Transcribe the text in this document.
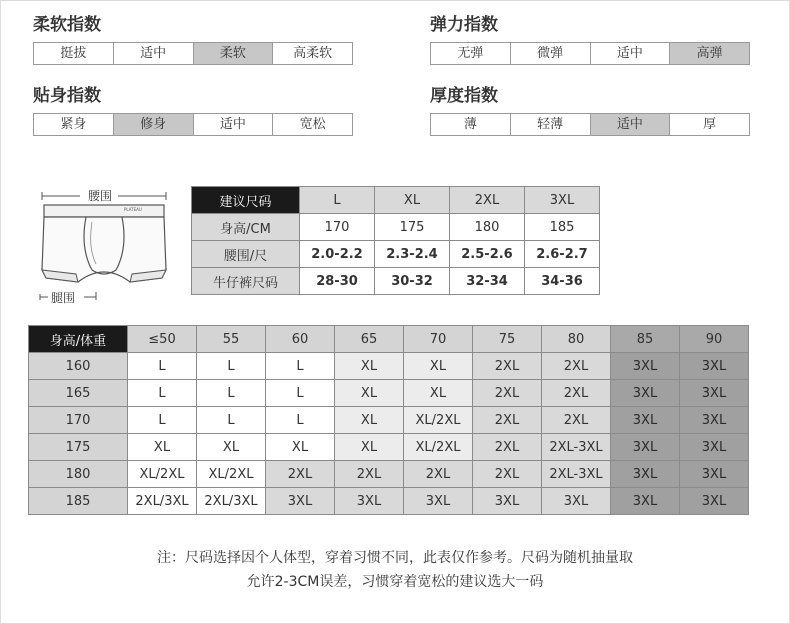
柔软指数
挺拔	适中	柔软	高柔软
弹力指数
无弹	微弹	适中	高弹
贴身指数
紧身	修身	适中	宽松
厚度指数
薄	轻薄	适中	厚
腰围
PLATEAU
腿围
建议尺码	L	XL	2XL	3XL
身高/CM	170	175	180	185
腰围/尺	2.0-2.2	2.3-2.4	2.5-2.6	2.6-2.7
牛仔裤尺码	28-30	30-32	32-34	34-36
身高/体重	≤50	55	60	65	70	75	80	85	90
160	L	L	L	XL	XL	2XL	2XL	3XL	3XL
165	L	L	L	XL	XL	2XL	2XL	3XL	3XL
170	L	L	L	XL	XL/2XL	2XL	2XL	3XL	3XL
175	XL	XL	XL	XL	XL/2XL	2XL	2XL-3XL	3XL	3XL
180	XL/2XL	XL/2XL	2XL	2XL	2XL	2XL	2XL-3XL	3XL	3XL
185	2XL/3XL	2XL/3XL	3XL	3XL	3XL	3XL	3XL	3XL	3XL
注：尺码选择因个人体型，穿着习惯不同，此表仅作参考。尺码为随机抽量取
允许2-3CM误差，习惯穿着宽松的建议选大一码
